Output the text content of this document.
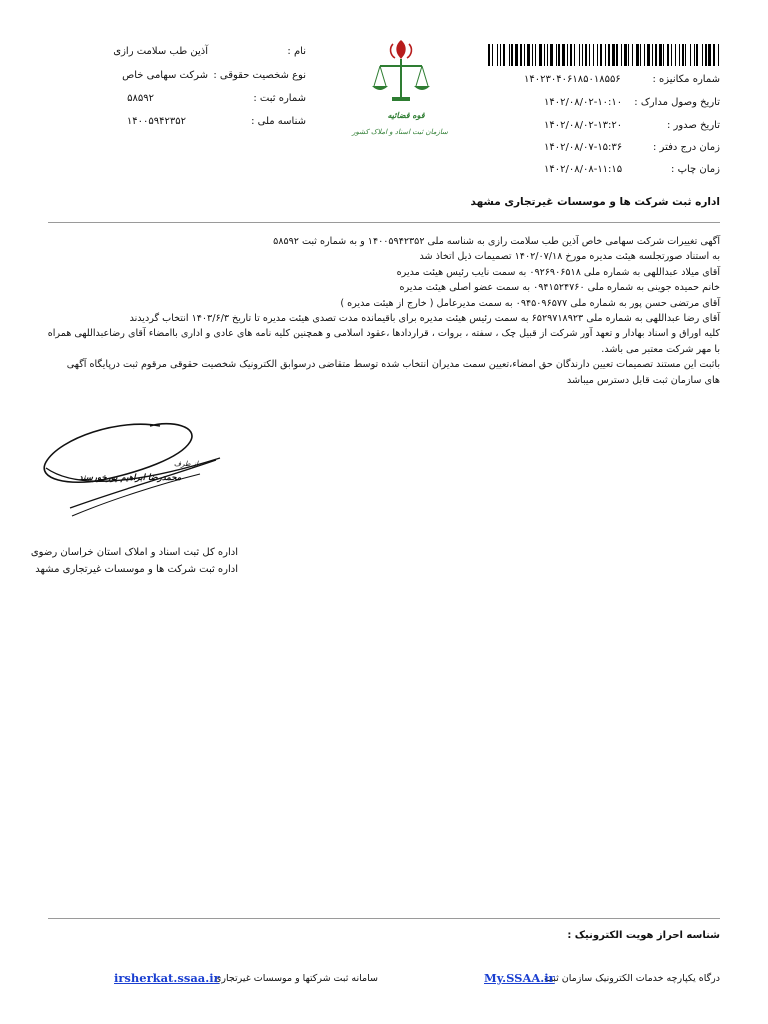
شماره مکانیزه :
۱۴۰۲۳۰۴۰۶۱۸۵۰۱۸۵۵۶
تاریخ وصول مدارک :
۱۴۰۲/۰۸/۰۲-۱۰:۱۰
تاریخ صدور :
۱۴۰۲/۰۸/۰۲-۱۳:۲۰
زمان درج دفتر :
۱۴۰۲/۰۸/۰۷-۱۵:۳۶
زمان چاپ :
۱۴۰۲/۰۸/۰۸-۱۱:۱۵
قوه قضائیه
سازمان ثبت اسناد و املاک کشور
نام :
آذین طب سلامت رازی
نوع شخصیت حقوقی :
شرکت سهامی خاص
شماره ثبت :
۵۸۵۹۲
شناسه ملی :
۱۴۰۰۵۹۴۲۳۵۲
اداره ثبت شرکت ها و موسسات غیرتجاری مشهد
آگهی تغییرات شرکت سهامی خاص آذین طب سلامت رازی به شناسه ملی ۱۴۰۰۵۹۴۲۳۵۲ و به شماره ثبت ۵۸۵۹۲
به استناد صورتجلسه هیئت مدیره مورخ ۱۴۰۲/۰۷/۱۸ تصمیمات ذیل اتخاذ شد
آقای میلاد عبداللهی به شماره ملی ۰۹۲۶۹۰۶۵۱۸ به سمت نایب رئیس هیئت مدیره
خانم حمیده جوینی به شماره ملی ۰۹۴۱۵۲۴۷۶۰ به سمت عضو اصلی هیئت مدیره
آقای مرتضی حسن پور به شماره ملی ۰۹۴۵۰۹۶۵۷۷ به سمت مدیرعامل ( خارج از هیئت مدیره )
آقای رضا عبداللهی به شماره ملی ۶۵۲۹۷۱۸۹۲۳ به سمت رئیس هیئت مدیره برای باقیمانده مدت تصدی هیئت مدیره تا تاریخ ۱۴۰۳/۶/۳ انتخاب گردیدند
کلیه اوراق و اسناد بهادار و تعهد آور شرکت از قبیل چک ، سفته ، بروات ، قراردادها ،عقود اسلامی و همچنین کلیه نامه های عادی و اداری باامضاء آقای رضاعبداللهی همراه
با مهر شرکت معتبر می باشد.
باثبت این مستند تصمیمات تعیین دارندگان حق امضاء،تعیین سمت مدیران انتخاب شده توسط متقاضی درسوابق الکترونیک شخصیت حقوقی مرقوم ثبت درپایگاه آگهی
های سازمان ثبت قابل دسترس میباشد
از طرف
محمدرضا ابراهیم پورخورسند
اداره کل ثبت اسناد و املاک استان خراسان رضوی
اداره ثبت شرکت ها و موسسات غیرتجاری مشهد
شناسه احراز هویت الکترونیک :
درگاه یکپارچه خدمات الکترونیک سازمان ثبت
My.SSAA.ir
سامانه ثبت شرکتها و موسسات غیرتجاری
irsherkat.ssaa.ir
